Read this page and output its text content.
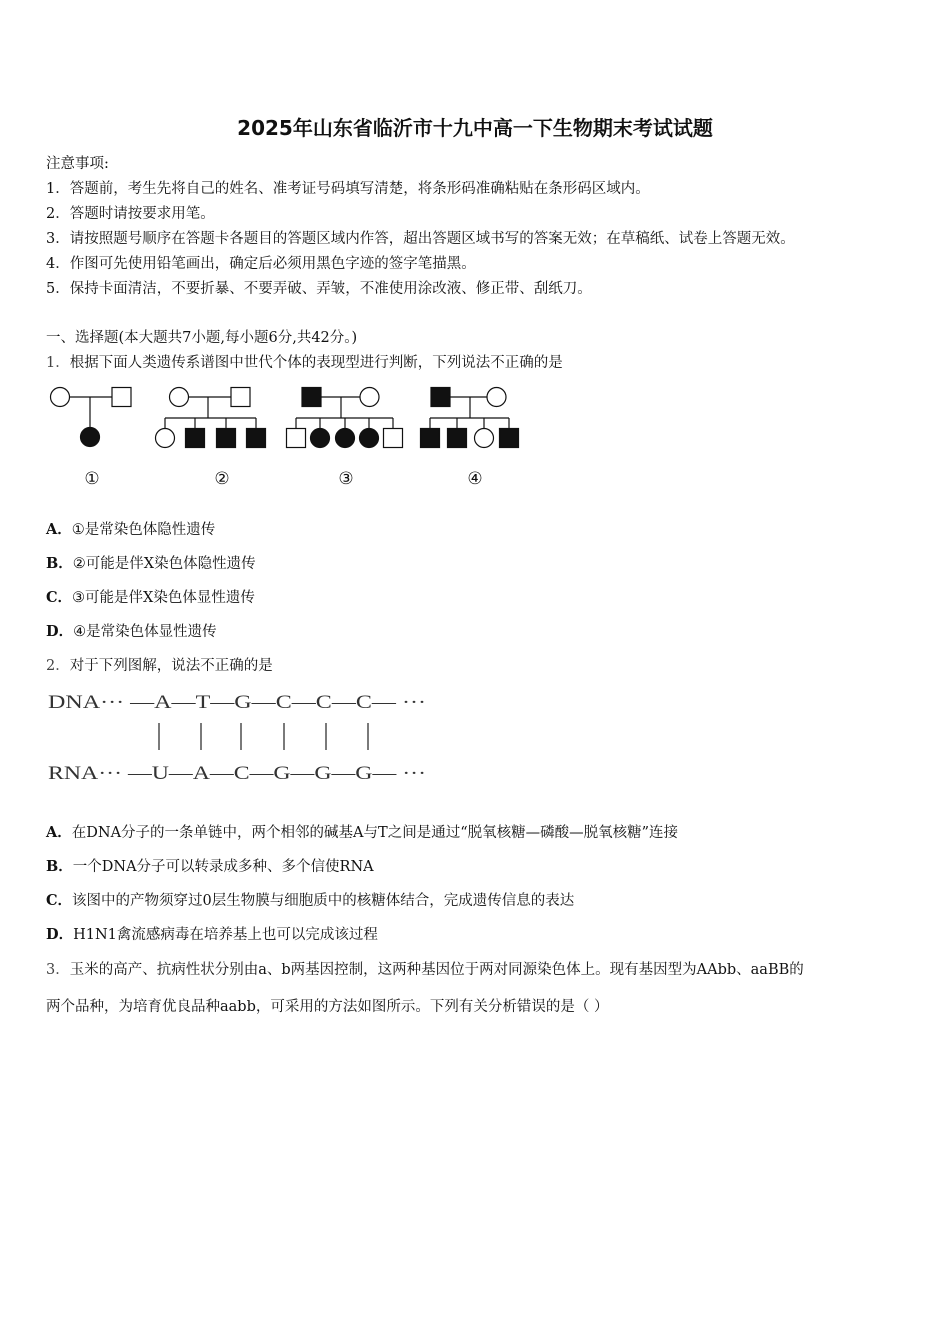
2025年山东省临沂市十九中高一下生物期末考试试题
注意事项:
1．答题前，考生先将自己的姓名、准考证号码填写清楚，将条形码准确粘贴在条形码区域内。
2．答题时请按要求用笔。
3．请按照题号顺序在答题卡各题目的答题区域内作答，超出答题区域书写的答案无效；在草稿纸、试卷上答题无效。
4．作图可先使用铅笔画出，确定后必须用黑色字迹的签字笔描黑。
5．保持卡面清洁，不要折暴、不要弄破、弄皱，不准使用涂改液、修正带、刮纸刀。
一、选择题(本大题共7小题,每小题6分,共42分。)
1．根据下面人类遗传系谱图中世代个体的表现型进行判断，下列说法不正确的是
①	②	③	④
A．①是常染色体隐性遗传
B．②可能是伴X染色体隐性遗传
C．③可能是伴X染色体显性遗传
D．④是常染色体显性遗传
2．对于下列图解，说法不正确的是
DNA··· —A—T—G—C—C—C— ···
RNA··· —U—A—C—G—G—G— ···
A．在DNA分子的一条单链中，两个相邻的碱基A与T之间是通过“脱氧核糖—磷酸—脱氧核糖”连接
B．一个DNA分子可以转录成多种、多个信使RNA
C．该图中的产物须穿过0层生物膜与细胞质中的核糖体结合，完成遗传信息的表达
D．H1N1禽流感病毒在培养基上也可以完成该过程
3．玉米的高产、抗病性状分别由a、b两基因控制，这两种基因位于两对同源染色体上。现有基因型为AAbb、aaBB的
两个品种，为培育优良品种aabb，可采用的方法如图所示。下列有关分析错误的是（ ）
